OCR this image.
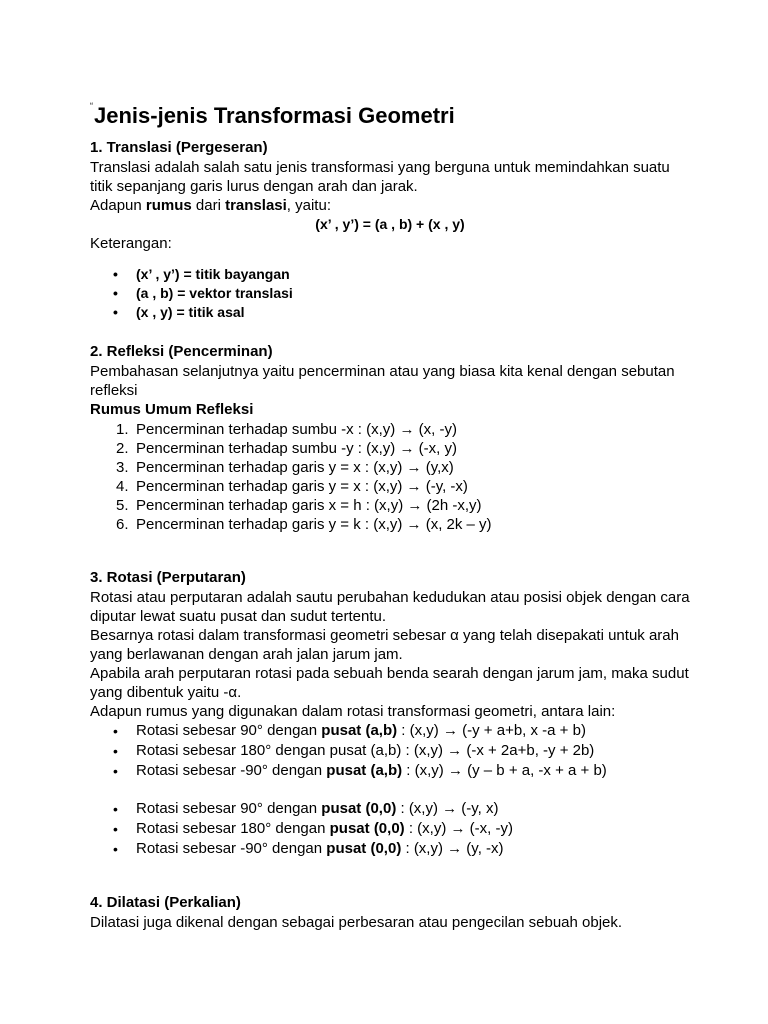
“Jenis-jenis Transformasi Geometri
1. Translasi (Pergeseran)

Translasi adalah salah satu jenis transformasi yang berguna untuk memindahkan suatu titik sepanjang garis lurus dengan arah dan jarak.

Adapun rumus dari translasi, yaitu:

(x’ , y’) = (a , b) + (x , y)

Keterangan:

• (x’ , y’) = titik bayangan
• (a , b) = vektor translasi
• (x , y) = titik asal
2. Refleksi (Pencerminan)

Pembahasan selanjutnya yaitu pencerminan atau yang biasa kita kenal dengan sebutan refleksi

Rumus Umum Refleksi
1. Pencerminan terhadap sumbu -x : (x,y) → (x, -y)
2. Pencerminan terhadap sumbu -y : (x,y) → (-x, y)
3. Pencerminan terhadap garis y = x : (x,y) → (y,x)
4. Pencerminan terhadap garis y = x : (x,y) → (-y, -x)
5. Pencerminan terhadap garis x = h : (x,y) → (2h -x,y)
6. Pencerminan terhadap garis y = k : (x,y) → (x, 2k – y)
3. Rotasi (Perputaran)

Rotasi atau perputaran adalah sautu perubahan kedudukan atau posisi objek dengan cara diputar lewat suatu pusat dan sudut tertentu.

Besarnya rotasi dalam transformasi geometri sebesar α yang telah disepakati untuk arah yang berlawanan dengan arah jalan jarum jam.

Apabila arah perputaran rotasi pada sebuah benda searah dengan jarum jam, maka sudut yang dibentuk yaitu -α.

Adapun rumus yang digunakan dalam rotasi transformasi geometri, antara lain:

• Rotasi sebesar 90° dengan pusat (a,b) : (x,y) → (-y + a+b, x -a + b)
• Rotasi sebesar 180° dengan pusat (a,b) : (x,y) → (-x + 2a+b, -y + 2b)
• Rotasi sebesar -90° dengan pusat (a,b) : (x,y) → (y – b + a, -x + a + b)
• Rotasi sebesar 90° dengan pusat (0,0) : (x,y) → (-y, x)
• Rotasi sebesar 180° dengan pusat (0,0) : (x,y) → (-x, -y)
• Rotasi sebesar -90° dengan pusat (0,0) : (x,y) → (y, -x)
4. Dilatasi (Perkalian)

Dilatasi juga dikenal dengan sebagai perbesaran atau pengecilan sebuah objek.
